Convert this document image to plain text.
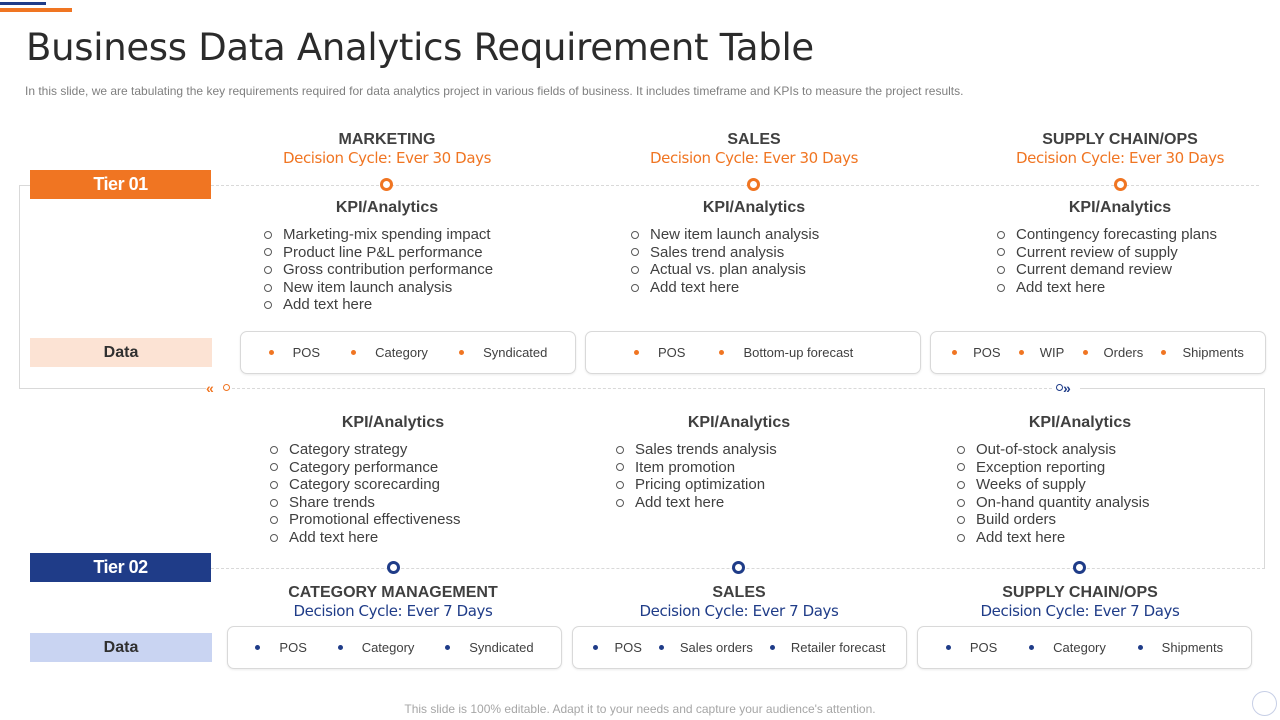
Business Data Analytics Requirement Table

In this slide, we are tabulating the key requirements required for data analytics project in various fields of business. It includes timeframe and KPIs to measure the project results.

«	»
Tier 01
Data
Tier 02
Data
MARKETING
Decision Cycle: Ever 30 Days
KPI/Analytics
Marketing-mix spending impact
Product line P&L performance
Gross contribution performance
New item launch analysis
Add text here
POS	Category	Syndicated
SALES
Decision Cycle: Ever 30 Days
KPI/Analytics
New item launch analysis
Sales trend analysis
Actual vs. plan analysis
Add text here
POS	Bottom-up forecast
SUPPLY CHAIN/OPS
Decision Cycle: Ever 30 Days
KPI/Analytics
Contingency forecasting plans
Current review of supply
Current demand review
Add text here
POS	WIP	Orders	Shipments
KPI/Analytics
Category strategy
Category performance
Category scorecarding
Share trends
Promotional effectiveness
Add text here
CATEGORY MANAGEMENT
Decision Cycle: Ever 7 Days
POS	Category	Syndicated
KPI/Analytics
Sales trends analysis
Item promotion
Pricing optimization
Add text here
SALES
Decision Cycle: Ever 7 Days
POS	Sales orders	Retailer forecast
KPI/Analytics
Out-of-stock analysis
Exception reporting
Weeks of supply
On-hand quantity analysis
Build orders
Add text here
SUPPLY CHAIN/OPS
Decision Cycle: Ever 7 Days
POS	Category	Shipments
This slide is 100% editable. Adapt it to your needs and capture your audience's attention.
